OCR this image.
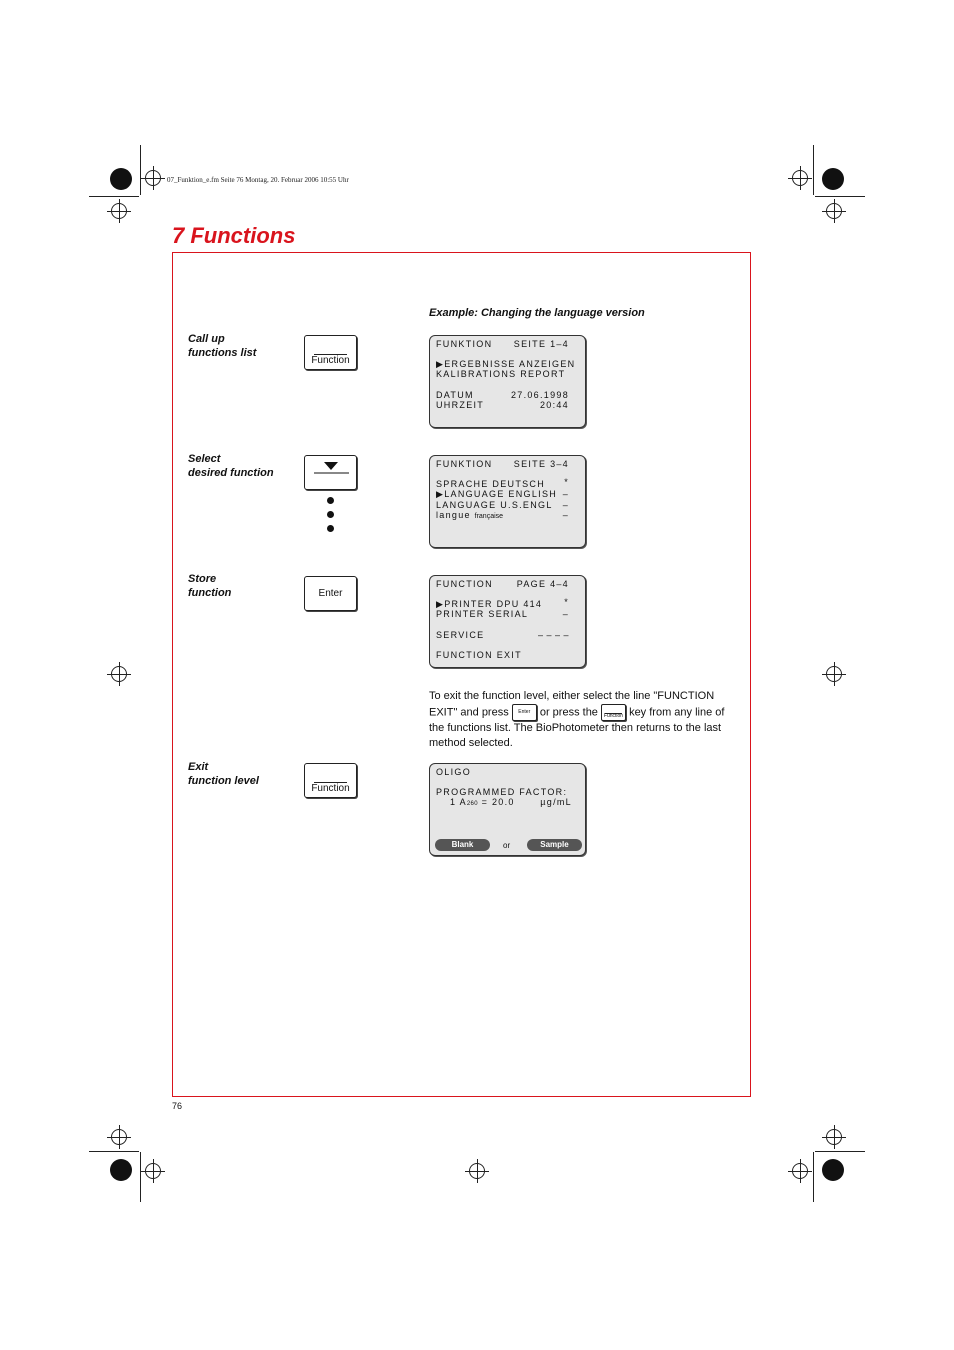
07_Funktion_e.fm Seite 76 Montag, 20. Februar 2006 10:55 Uhr
7 Functions
Example: Changing the language version
Call up
functions list
Select
desired function
Store
function
Exit
function level
Function
Enter
Function
FUNKTION SEITE 1–4
▶ERGEBNISSE ANZEIGEN
KALIBRATIONS REPORT
DATUM	27.06.1998
UHRZEIT	20:44
FUNKTION SEITE 3–4
SPRACHE DEUTSCH *
▶LANGUAGE ENGLISH –
LANGUAGE U.S.ENGL –
langue française	–
FUNCTION	PAGE 4–4
▶PRINTER DPU 414 *
PRINTER SERIAL	–
SERVICE	– – – –
FUNCTION EXIT
To exit the function level, either select the line "FUNCTION EXIT" and press Enter or press the	Function key from any line of the functions list. The BioPhotometer then returns to the last method selected.
OLIGO
PROGRAMMED FACTOR:
1 A260 = 20.0	µg/mL
Blank	or	Sample
76
